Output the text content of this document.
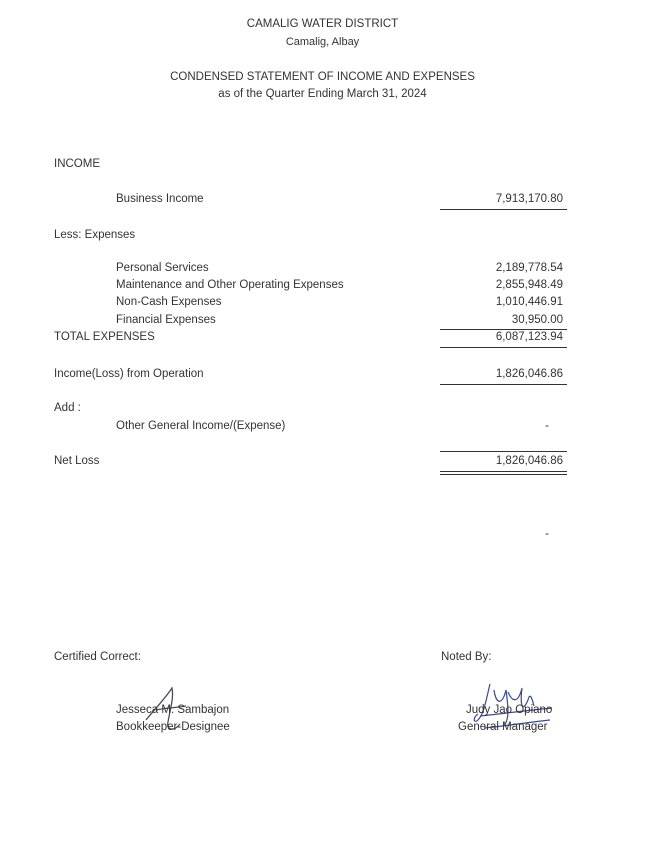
CAMALIG WATER DISTRICT
Camalig, Albay
CONDENSED STATEMENT OF INCOME AND EXPENSES
as of the Quarter Ending March 31, 2024
INCOME
Business Income	7,913,170.80
Less: Expenses
Personal Services	2,189,778.54
Maintenance and Other Operating Expenses	2,855,948.49
Non-Cash Expenses	1,010,446.91
Financial Expenses	30,950.00
TOTAL EXPENSES	6,087,123.94
Income(Loss) from Operation	1,826,046.86
Add :
Other General Income/(Expense)	-
Net Loss	1,826,046.86
-
Certified Correct:	Noted By:
Jesseca M. Sambajon
Bookkeeper-Designee
Judy Jao Opiano
General Manager
